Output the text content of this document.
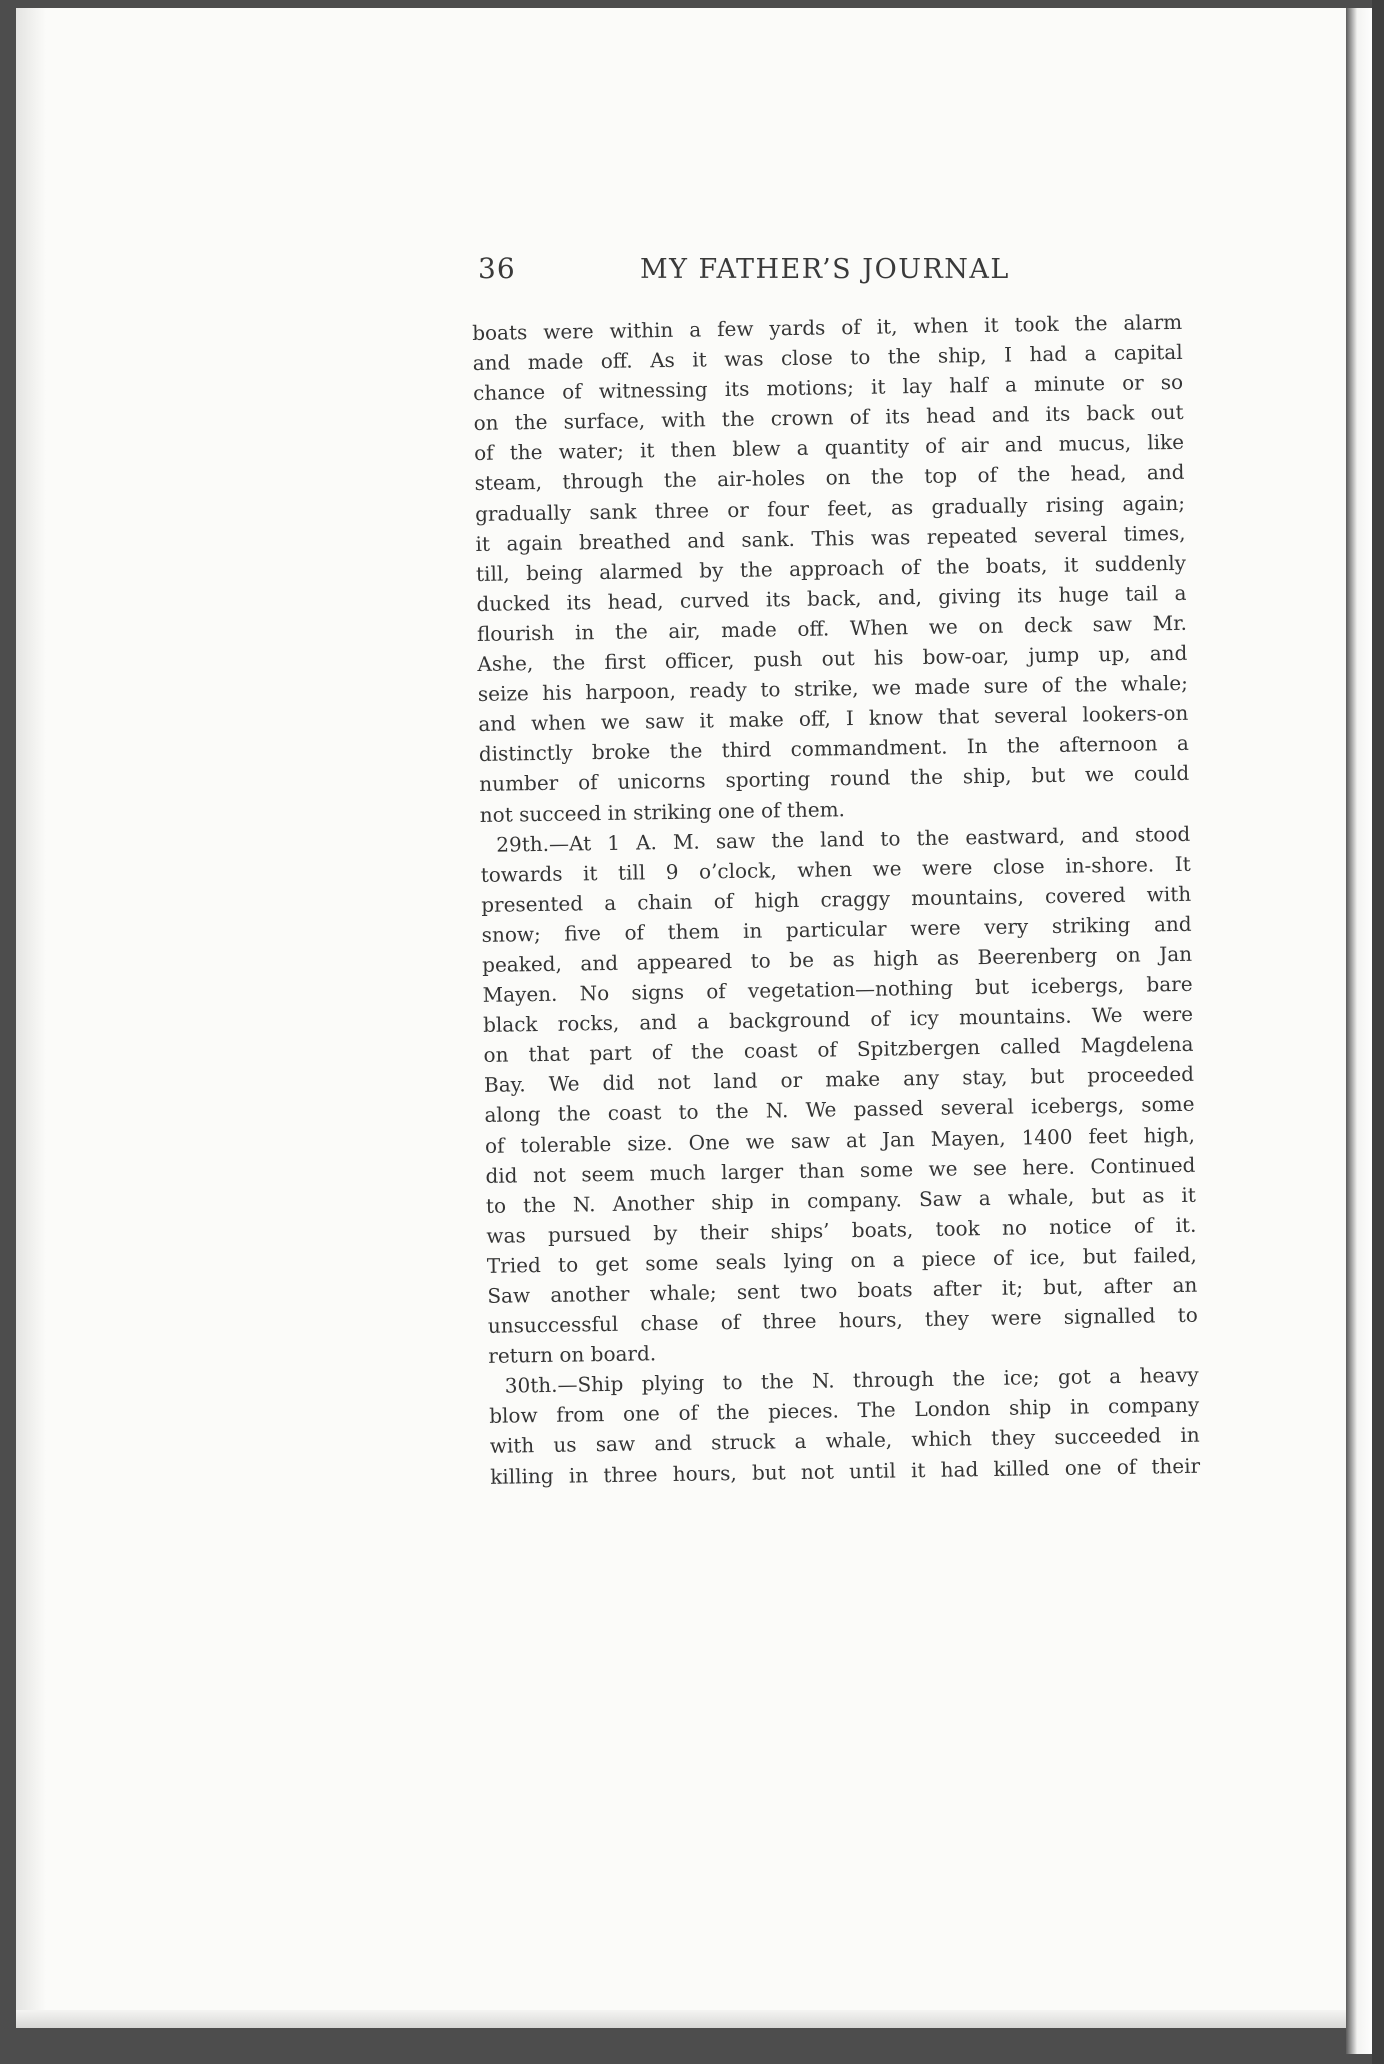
36	MY FATHER’S JOURNAL
boats were within a few yards of it, when it took the alarm
and made off. As it was close to the ship, I had a capital
chance of witnessing its motions; it lay half a minute or so
on the surface, with the crown of its head and its back out
of the water; it then blew a quantity of air and mucus, like
steam, through the air-holes on the top of the head, and
gradually sank three or four feet, as gradually rising again;
it again breathed and sank. This was repeated several times,
till, being alarmed by the approach of the boats, it suddenly
ducked its head, curved its back, and, giving its huge tail a
flourish in the air, made off. When we on deck saw Mr.
Ashe, the first officer, push out his bow-oar, jump up, and
seize his harpoon, ready to strike, we made sure of the whale;
and when we saw it make off, I know that several lookers-on
distinctly broke the third commandment. In the afternoon a
number of unicorns sporting round the ship, but we could
not succeed in striking one of them.
29th.—At 1 A. M. saw the land to the eastward, and stood
towards it till 9 o’clock, when we were close in-shore. It
presented a chain of high craggy mountains, covered with
snow; five of them in particular were very striking and
peaked, and appeared to be as high as Beerenberg on Jan
Mayen. No signs of vegetation—nothing but icebergs, bare
black rocks, and a background of icy mountains. We were
on that part of the coast of Spitzbergen called Magdelena
Bay. We did not land or make any stay, but proceeded
along the coast to the N. We passed several icebergs, some
of tolerable size. One we saw at Jan Mayen, 1400 feet high,
did not seem much larger than some we see here. Continued
to the N. Another ship in company. Saw a whale, but as it
was pursued by their ships’ boats, took no notice of it.
Tried to get some seals lying on a piece of ice, but failed,
Saw another whale; sent two boats after it; but, after an
unsuccessful chase of three hours, they were signalled to
return on board.
30th.—Ship plying to the N. through the ice; got a heavy
blow from one of the pieces. The London ship in company
with us saw and struck a whale, which they succeeded in
killing in three hours, but not until it had killed one of their
